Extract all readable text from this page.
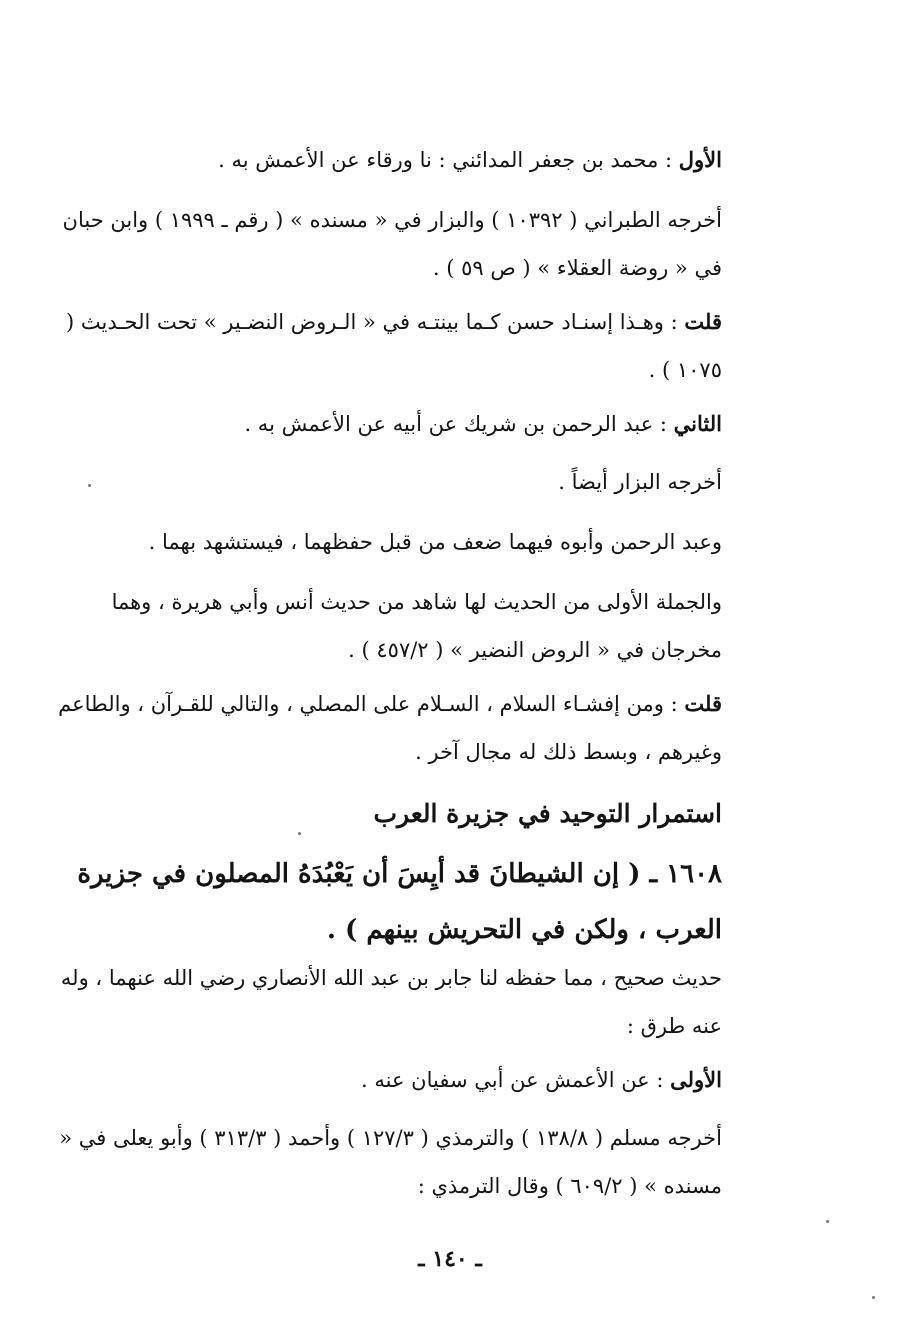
الأول : محمد بن جعفر المدائني : نا ورقاء عن الأعمش به .

أخرجه الطبراني ( ١٠٣٩٢ ) والبزار في « مسنده » ( رقم ـ ١٩٩٩ ) وابن حبان في « روضة العقلاء » ( ص ٥٩ ) .

قلت : وهـذا إسنـاد حسن كـما بينتـه في « الـروض النضـير » تحت الحـديث ( ١٠٧٥ ) .

الثاني : عبد الرحمن بن شريك عن أبيه عن الأعمش به .

أخرجه البزار أيضاً .

وعبد الرحمن وأبوه فيهما ضعف من قبل حفظهما ، فيستشهد بهما .

والجملة الأولى من الحديث لها شاهد من حديث أنس وأبي هريرة ، وهما مخرجان في « الروض النضير » ( ٤٥٧/٢ ) .

قلت : ومن إفشـاء السلام ، السـلام على المصلي ، والتالي للقـرآن ، والطاعم وغيرهم ، وبسط ذلك له مجال آخر .

استمرار التوحيد في جزيرة العرب
١٦٠٨ ـ ( إن الشيطانَ قد أيِسَ أن يَعْبُدَهُ المصلون في جزيرة العرب ، ولكن في التحريش بينهم ) .

حديث صحيح ، مما حفظه لنا جابر بن عبد الله الأنصاري رضي الله عنهما ، وله عنه طرق :

الأولى : عن الأعمش عن أبي سفيان عنه .

أخرجه مسلم ( ١٣٨/٨ ) والترمذي ( ١٢٧/٣ ) وأحمد ( ٣١٣/٣ ) وأبو يعلى في « مسنده » ( ٦٠٩/٢ ) وقال الترمذي :

ـ ١٤٠ ـ
